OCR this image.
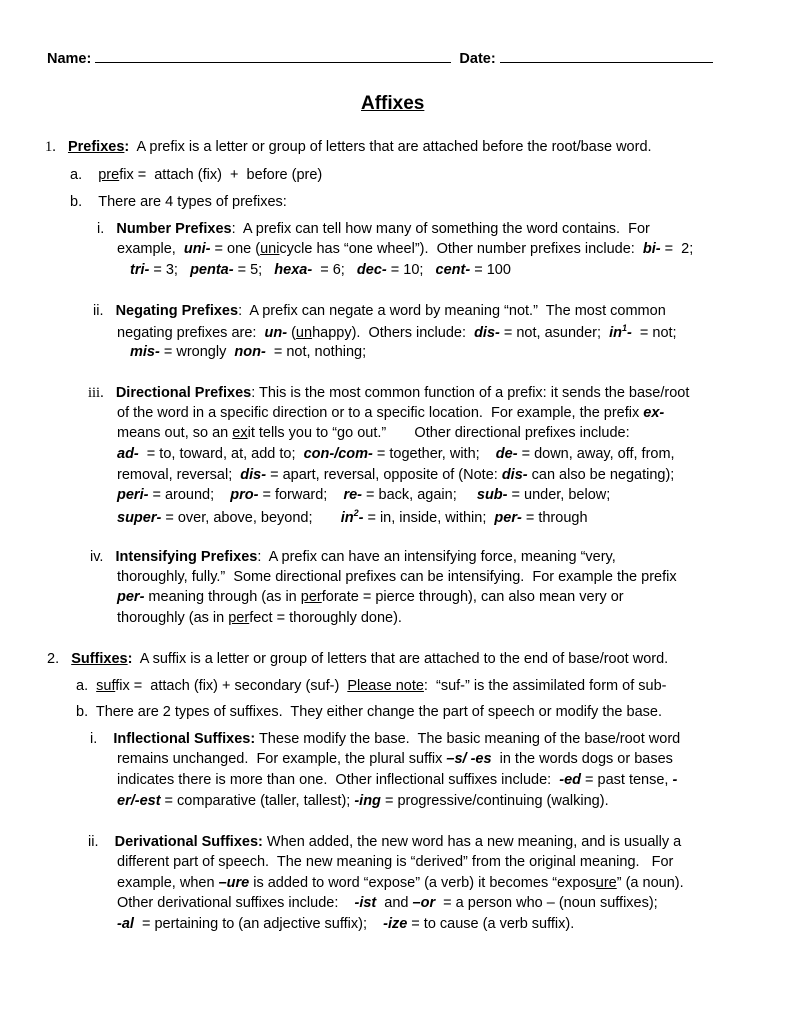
Name:	Date:
Affixes
1. Prefixes:  A prefix is a letter or group of letters that are attached before the root/base word.
a.    prefix =  attach (fix)  +  before (pre)
b.    There are 4 types of prefixes:
i.   Number Prefixes:  A prefix can tell how many of something the word contains.  For
example,  uni- = one (unicycle has “one wheel”).  Other number prefixes include:  bi- =  2;
tri- = 3;   penta- = 5;   hexa-  = 6;   dec- = 10;   cent- = 100
ii.   Negating Prefixes:  A prefix can negate a word by meaning “not.”  The most common
negating prefixes are:  un- (unhappy).  Others include:  dis- = not, asunder;  $in^1-$  = not;
mis- = wrongly  non-  = not, nothing;
iii. Directional Prefixes: This is the most common function of a prefix: it sends the base/root
of the word in a specific direction or to a specific location.  For example, the prefix ex-
means out, so an exit tells you to “go out.”       Other directional prefixes include:
ad-  = to, toward, at, add to;  con-/com- = together, with;    de- = down, away, off, from,
removal, reversal;  dis- = apart, reversal, opposite of (Note: dis- can also be negating);
peri- = around;    pro- = forward;    re- = back, again;     sub- = under, below;
super- = over, above, beyond;       $in^2-$ = in, inside, within;  per- = through
iv.   Intensifying Prefixes:  A prefix can have an intensifying force, meaning “very,
thoroughly, fully.”  Some directional prefixes can be intensifying.  For example the prefix
per- meaning through (as in perforate = pierce through), can also mean very or
thoroughly (as in perfect = thoroughly done).
2.   Suffixes:  A suffix is a letter or group of letters that are attached to the end of base/root word.
a.  suffix =  attach (fix) + secondary (suf-)  Please note:  “suf-” is the assimilated form of sub-
b.  There are 2 types of suffixes.  They either change the part of speech or modify the base.
i.    Inflectional Suffixes: These modify the base.  The basic meaning of the base/root word
remains unchanged.  For example, the plural suffix –s/ -es  in the words dogs or bases
indicates there is more than one.  Other inflectional suffixes include:  -ed = past tense, -
er/-est = comparative (taller, tallest); -ing = progressive/continuing (walking).
ii.    Derivational Suffixes: When added, the new word has a new meaning, and is usually a
different part of speech.  The new meaning is “derived” from the original meaning.   For
example, when –ure is added to word “expose” (a verb) it becomes “exposure” (a noun).
Other derivational suffixes include:    -ist  and –or  = a person who – (noun suffixes);
-al  = pertaining to (an adjective suffix);    -ize = to cause (a verb suffix).
